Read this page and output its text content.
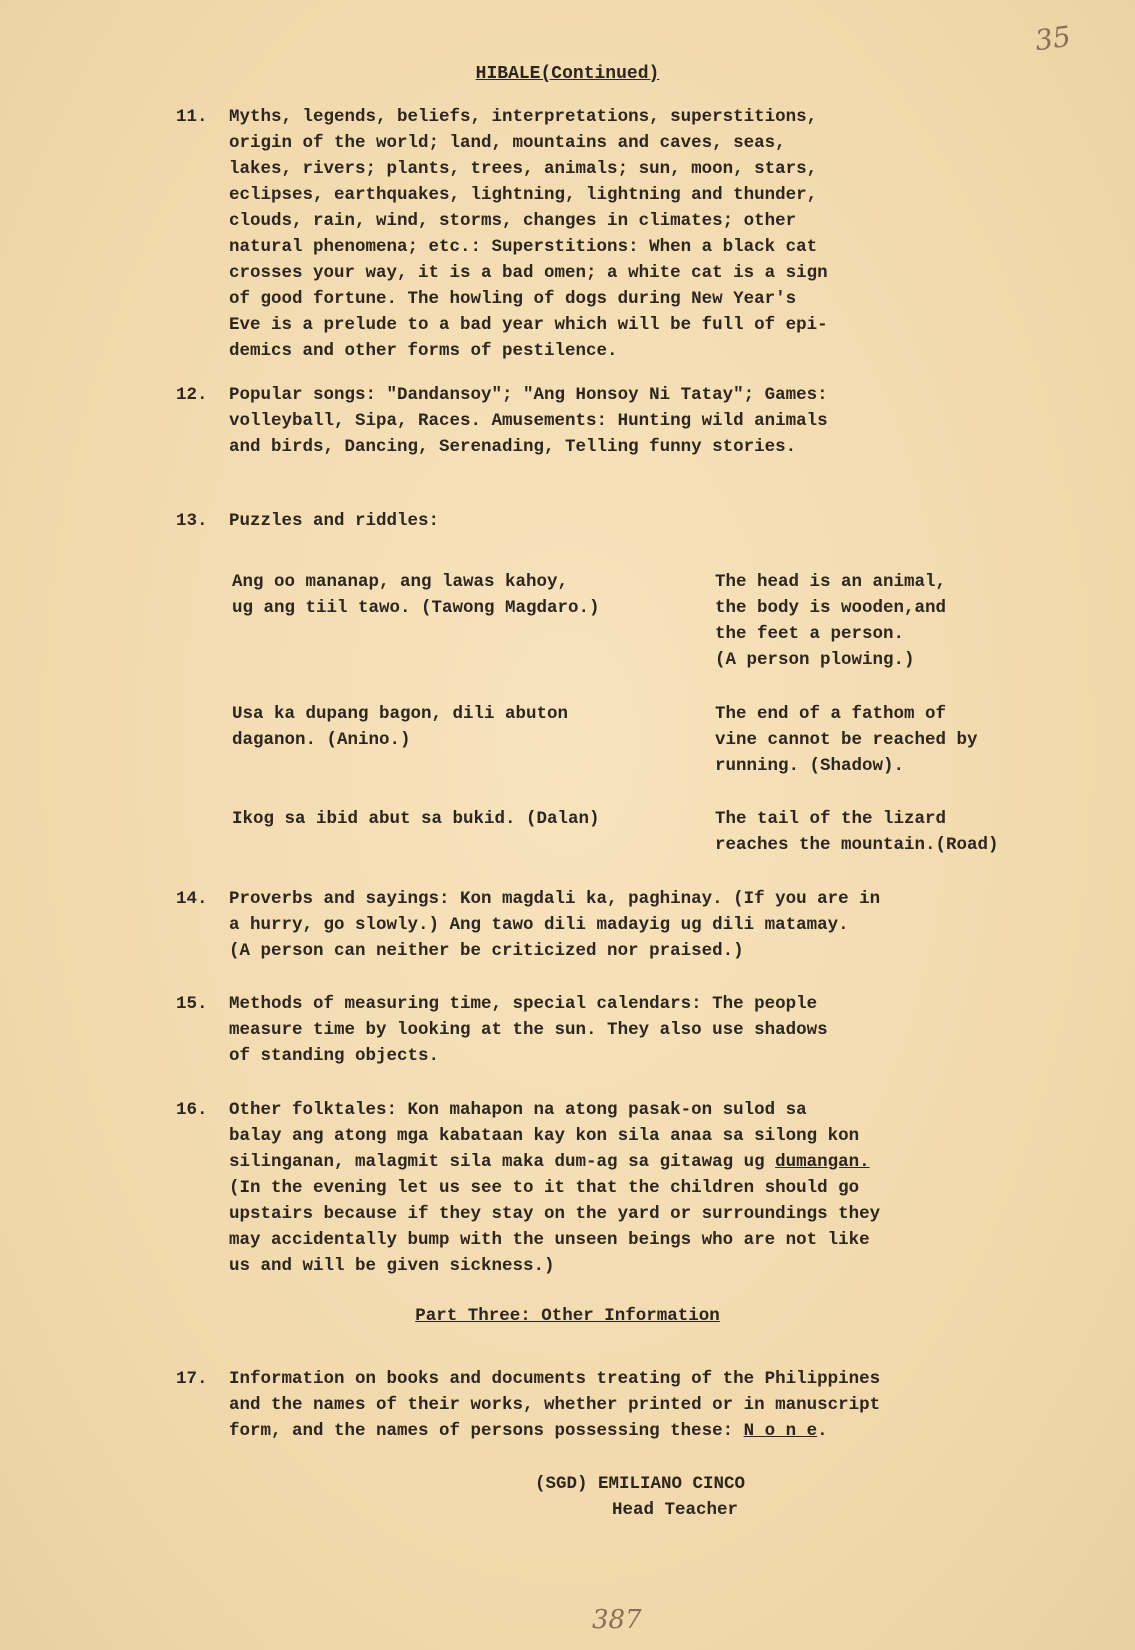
35
HIBALE(Continued)
11. Myths, legends, beliefs, interpretations, superstitions,
origin of the world; land, mountains and caves, seas,
lakes, rivers; plants, trees, animals; sun, moon, stars,
eclipses, earthquakes, lightning, lightning and thunder,
clouds, rain, wind, storms, changes in climates; other
natural phenomena; etc.: Superstitions: When a black cat
crosses your way, it is a bad omen; a white cat is a sign
of good fortune. The howling of dogs during New Year's
Eve is a prelude to a bad year which will be full of epi-
demics and other forms of pestilence.
12. Popular songs: "Dandansoy"; "Ang Honsoy Ni Tatay"; Games:
volleyball, Sipa, Races. Amusements: Hunting wild animals
and birds, Dancing, Serenading, Telling funny stories.
13. Puzzles and riddles:
Ang oo mananap, ang lawas kahoy,
ug ang tiil tawo. (Tawong Magdaro.)
The head is an animal,
the body is wooden,and
the feet a person.
(A person plowing.)
Usa ka dupang bagon, dili abuton
daganon. (Anino.)
The end of a fathom of
vine cannot be reached by
running. (Shadow).
Ikog sa ibid abut sa bukid. (Dalan)	The tail of the lizard
reaches the mountain.(Road)
14. Proverbs and sayings: Kon magdali ka, paghinay. (If you are in
a hurry, go slowly.) Ang tawo dili madayig ug dili matamay.
(A person can neither be criticized nor praised.)
15. Methods of measuring time, special calendars: The people
measure time by looking at the sun. They also use shadows
of standing objects.
16. Other folktales: Kon mahapon na atong pasak-on sulod sa
balay ang atong mga kabataan kay kon sila anaa sa silong kon
silinganan, malagmit sila maka dum-ag sa gitawag ug dumangan.
(In the evening let us see to it that the children should go
upstairs because if they stay on the yard or surroundings they
may accidentally bump with the unseen beings who are not like
us and will be given sickness.)
Part Three: Other Information
17. Information on books and documents treating of the Philippines
and the names of their works, whether printed or in manuscript
form, and the names of persons possessing these: N o n e.
(SGD) EMILIANO CINCO
Head Teacher
387
